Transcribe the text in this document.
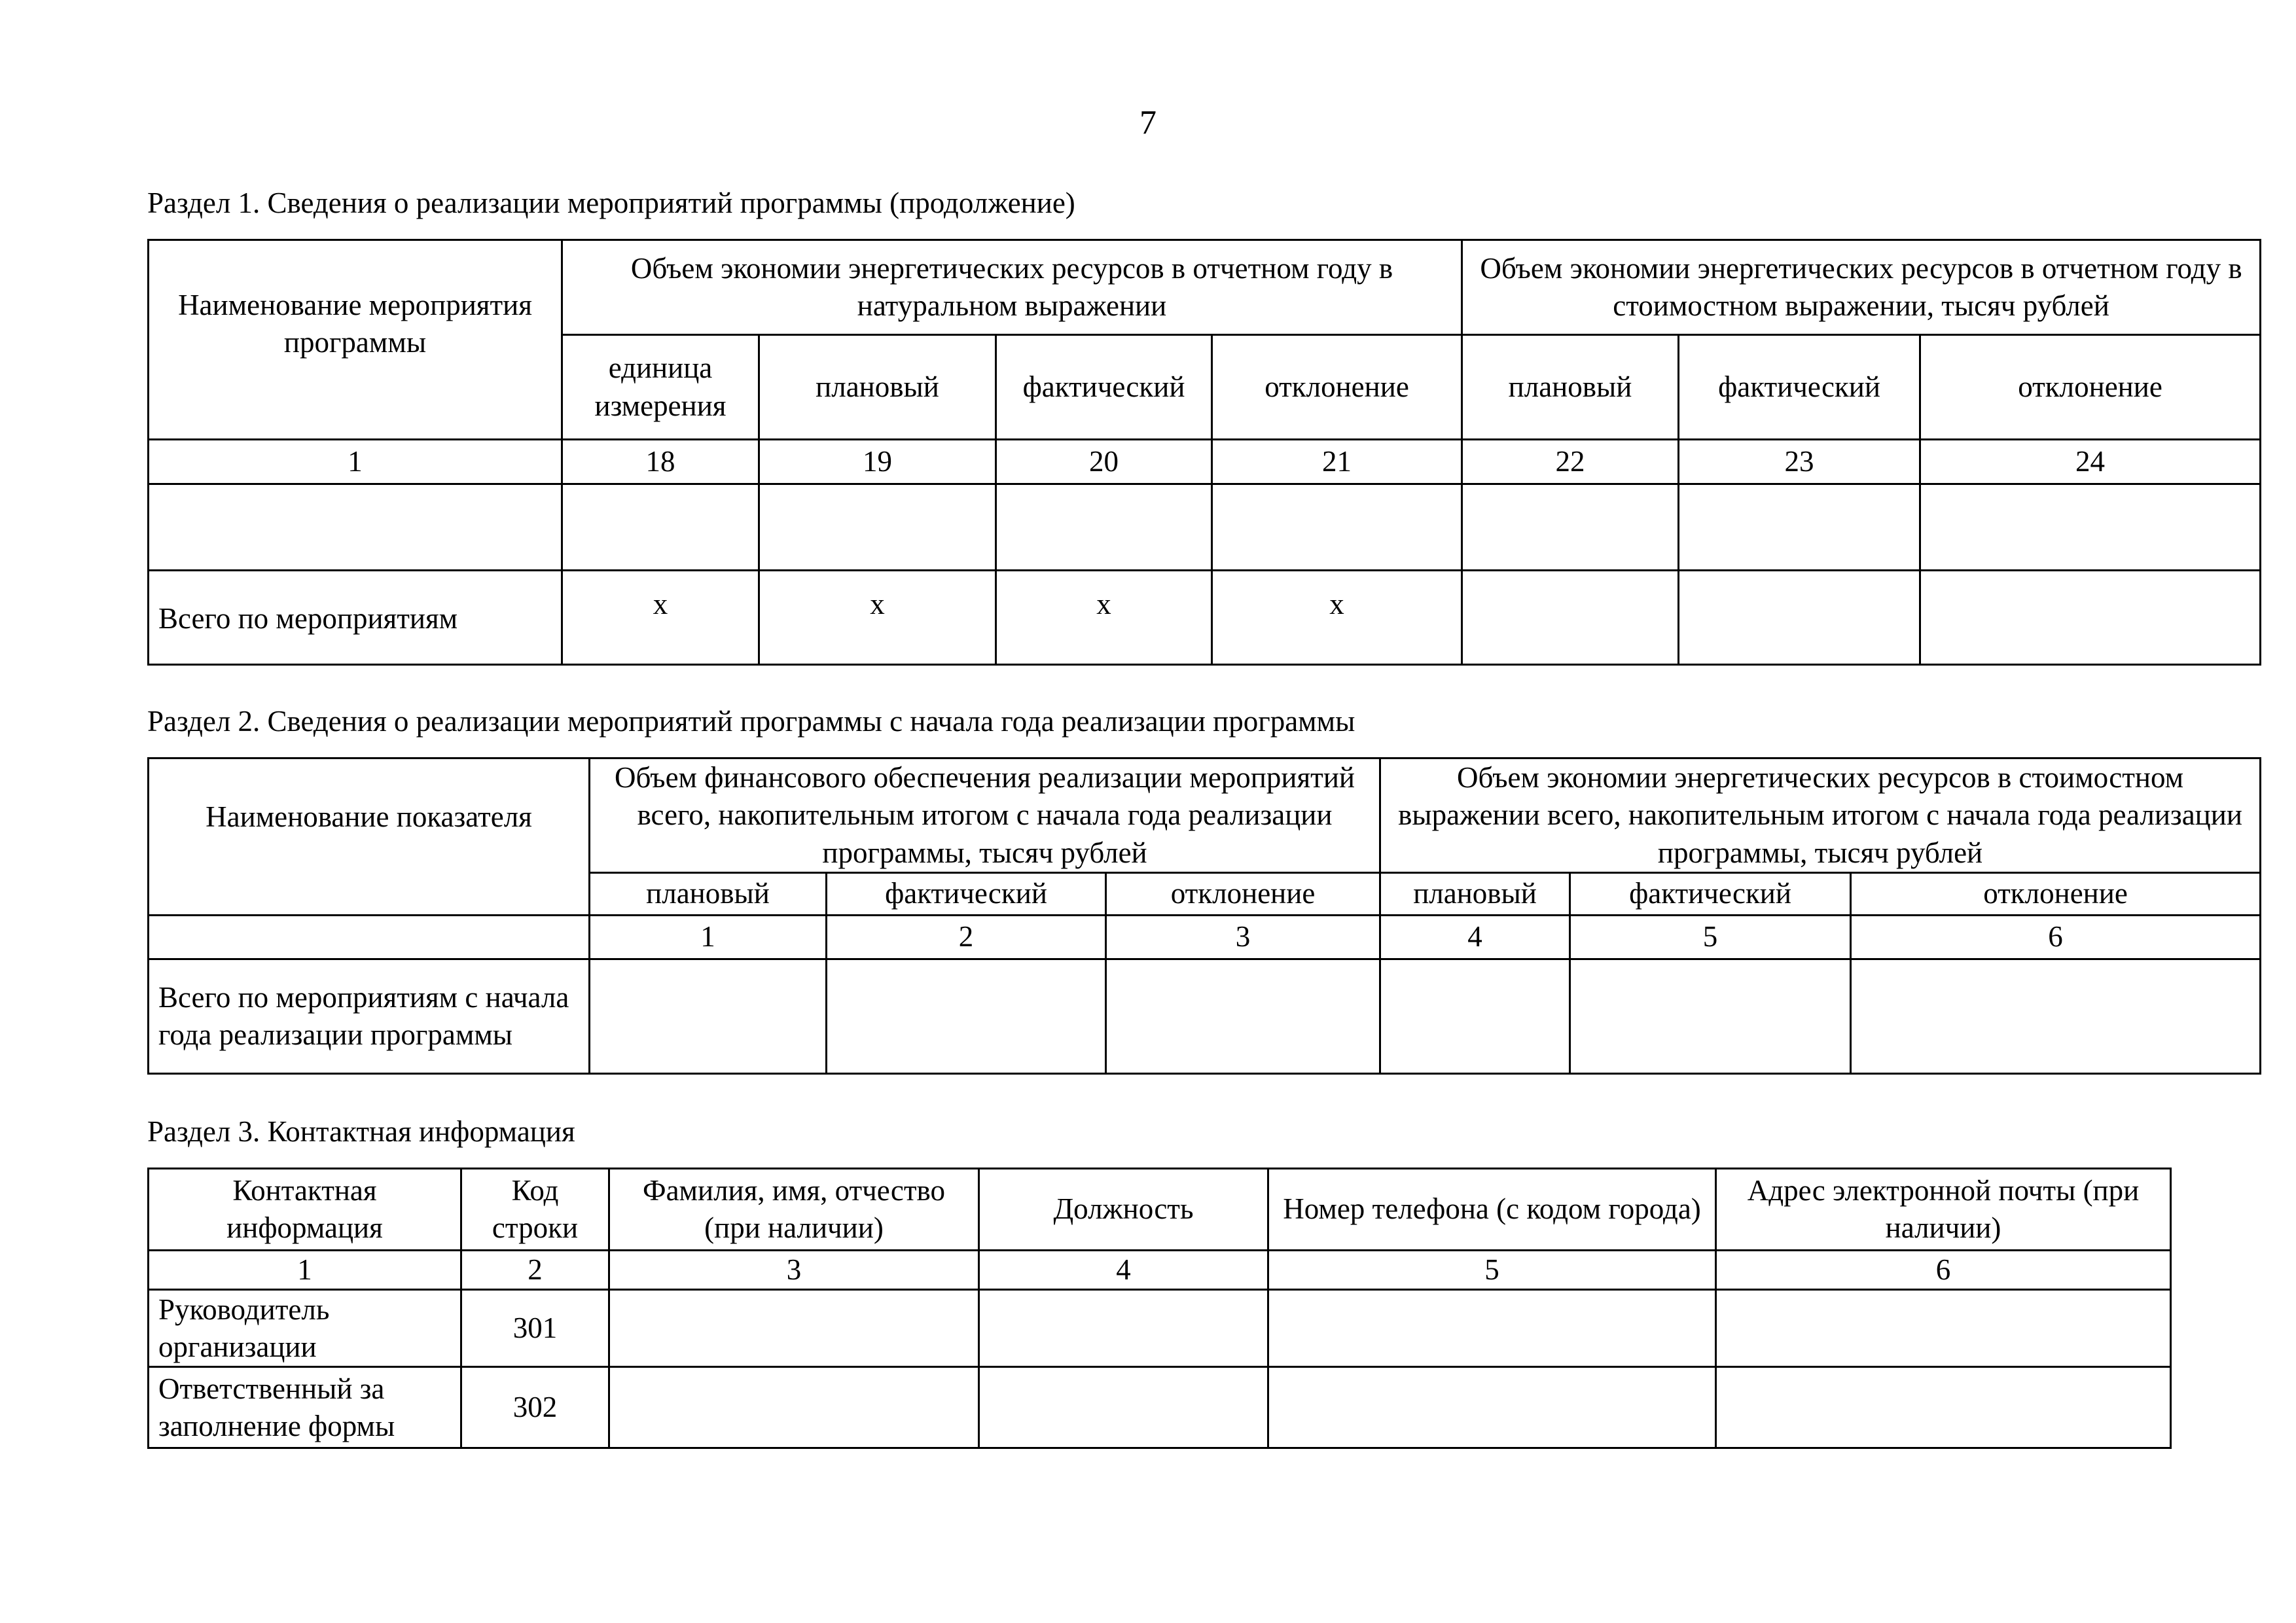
7
Раздел 1. Сведения о реализации мероприятий программы (продолжение)
Наименование мероприятия программы	Объем экономии энергетических ресурсов в отчетном году в натуральном выражении				Объем экономии энергетических ресурсов в отчетном году в стоимостном выражении, тысяч рублей		
	единица измерения	плановый	фактический	отклонение	плановый	фактический	отклонение
1	18	19	20	21	22	23	24

Всего по мероприятиям	x	x	x	x			
Раздел 2. Сведения о реализации мероприятий программы с начала года реализации программы
Наименование показателя	Объем финансового обеспечения реализации мероприятий всего, накопительным итогом с начала года реализации программы, тысяч рублей			Объем экономии энергетических ресурсов в стоимостном выражении всего, накопительным итогом с начала года реализации программы, тысяч рублей		
	плановый	фактический	отклонение	плановый	фактический	отклонение
	1	2	3	4	5	6
Всего по мероприятиям с начала года реализации программы						
Раздел 3. Контактная информация
Контактная информация	Код строки	Фамилия, имя, отчество (при наличии)	Должность	Номер телефона (с кодом города)	Адрес электронной почты (при наличии)
1	2	3	4	5	6
Руководитель организации	301				
Ответственный за заполнение формы	302				
